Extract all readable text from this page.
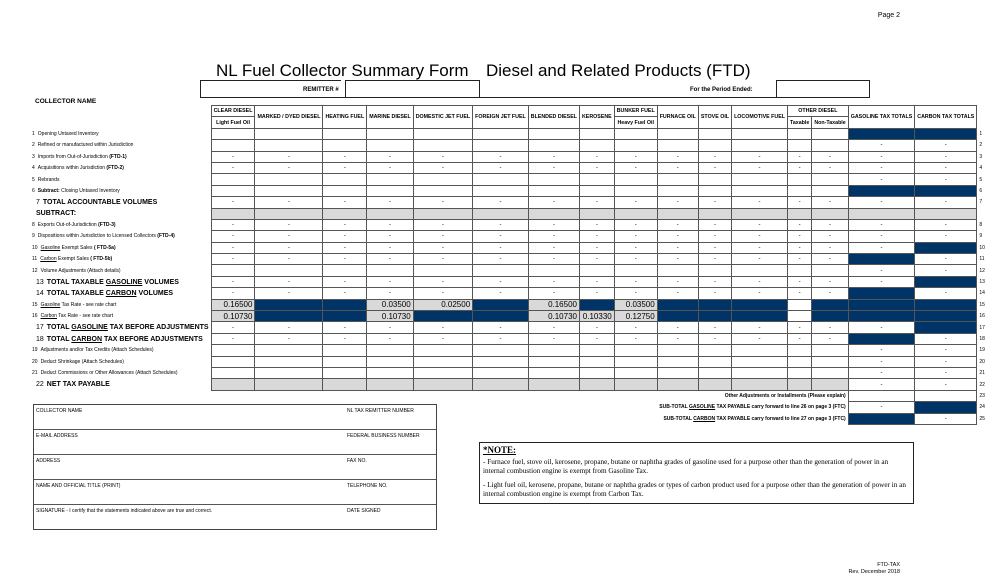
Page 2
NL Fuel Collector Summary Form Diesel and Related Products (FTD)
REMITTER #	For the Period Ended:
COLLECTOR NAME
	CLEAR DIESEL	MARKED / DYED DIESEL	HEATING FUEL	MARINE DIESEL	DOMESTIC JET FUEL	FOREIGN JET FUEL	BLENDED DIESEL	KEROSENE	BUNKER FUEL	FURNACE OIL	STOVE OIL	LOCOMOTIVE FUEL	OTHER DIESEL		GASOLINE TAX TOTALS	CARBON TAX TOTALS	
	Light Fuel Oil								Heavy Fuel Oil				Taxable	Non-Taxable			
1 Opening Untaxed Inventory																	1
2 Refined or manufactured within Jurisdiction															-	-	2
3 Imports from Out-of-Jurisdiction (FTD-1)	-	-	-	-	-	-	-	-	-	-	-	-	-	-	-	-	3
4 Acquisitions within Jurisdiction (FTD-2)	-	-	-	-	-	-	-	-	-	-	-	-	-	-	-	-	4
5 Rebrands															-	-	5
6 Subtract: Closing Untaxed Inventory																	6
7 TOTAL ACCOUNTABLE VOLUMES	-	-	-	-	-	-	-	-	-	-	-	-	-	-	-	-	7
SUBTRACT:																	
8 Exports Out-of-Jurisdiction (FTD-3)	-	-	-	-	-	-	-	-	-	-	-	-	-	-	-	-	8
9 Dispositions within Jurisdiction to Licensed Collectors (FTD-4)	-	-	-	-	-	-	-	-	-	-	-	-	-	-	-	-	9
10 Gasoline Exempt Sales ( FTD-5a)	-	-	-	-	-	-	-	-	-	-	-	-	-	-	-		10
11 Carbon Exempt Sales ( FTD-5b)	-	-	-	-	-	-	-	-	-	-	-	-	-	-		-	11
12 Volume Adjustments (Attach details)															-	-	12
13 TOTAL TAXABLE GASOLINE VOLUMES	-	-	-	-	-	-	-	-	-	-	-	-	-	-	-		13
14 TOTAL TAXABLE CARBON VOLUMES	-	-	-	-	-	-	-	-	-	-	-	-	-	-		-	14
15 Gasoline Tax Rate - see rate chart	0.16500			0.03500	0.02500		0.16500		0.03500								15
16 Carbon Tax Rate - see rate chart	0.10730			0.10730			0.10730	0.10330	0.12750								16
17 TOTAL GASOLINE TAX BEFORE ADJUSTMENTS	-	-	-	-	-	-	-	-	-	-	-	-	-	-	-		17
18 TOTAL CARBON TAX BEFORE ADJUSTMENTS	-	-	-	-	-	-	-	-	-	-	-	-	-	-		-	18
19 Adjustments and/or Tax Credits (Attach Schedules)															-	-	19
20 Deduct Shrinkage (Attach Schedules)															-	-	20
21 Deduct Commissions or Other Allowances (Attach Schedules)															-	-	21
22 NET TAX PAYABLE															-	-	22
Other Adjustments or Installments (Please explain)																	23
SUB-TOTAL GASOLINE TAX PAYABLE carry forward to line 26 on page 3 (FTC)															-		24
SUB-TOTAL CARBON TAX PAYABLE carry forward to line 27 on page 3 (FTC)																-	25
COLLECTOR NAME	NL TAX REMITTER NUMBER
E-MAIL ADDRESS	FEDERAL BUSINESS NUMBER
ADDRESS	FAX NO.
NAME AND OFFICIAL TITLE (PRINT)	TELEPHONE NO.
SIGNATURE - I certify that the statements indicated above are true and correct.	DATE SIGNED
*NOTE:

- Furnace fuel, stove oil, kerosene, propane, butane or naphtha grades of gasoline used for a purpose other than the generation of power in an internal combustion engine is exempt from Gasoline Tax.

- Light fuel oil, kerosene, propane, butane or naphtha grades or types of carbon product used for a purpose other than the generation of power in an internal combustion engine is exempt from Carbon Tax.

FTD-TAX
Rev. December 2018
